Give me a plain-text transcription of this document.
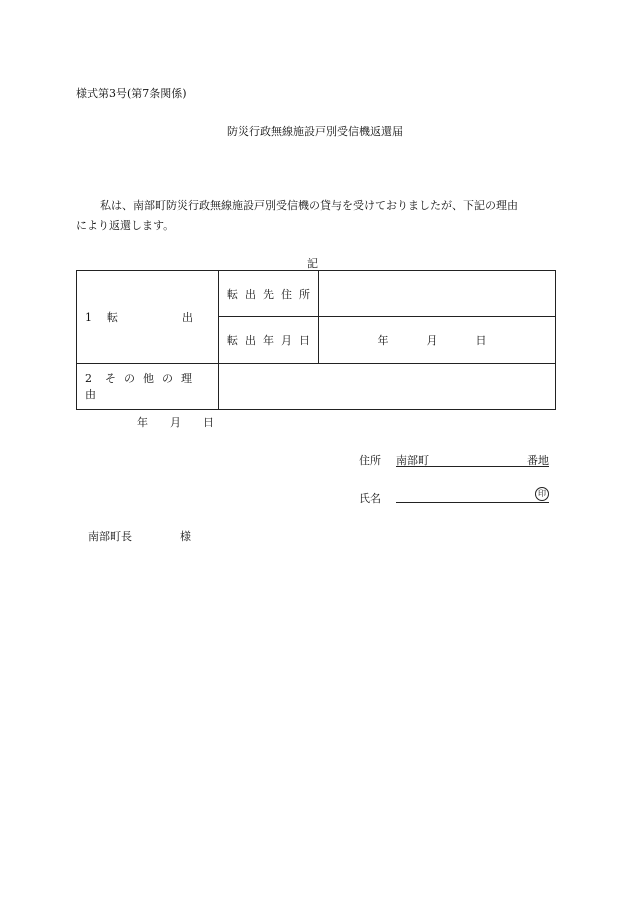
様式第3号(第7条関係)
防災行政無線施設戸別受信機返還届
私は、南部町防災行政無線施設戸別受信機の貸与を受けておりましたが、下記の理由
により返還します。
記
1 転 出	転出先住所	
	転出年月日	年 月 日

2 その他の理由		
年 月 日
住所 南部町	番地
氏名	印
南部町長	様
